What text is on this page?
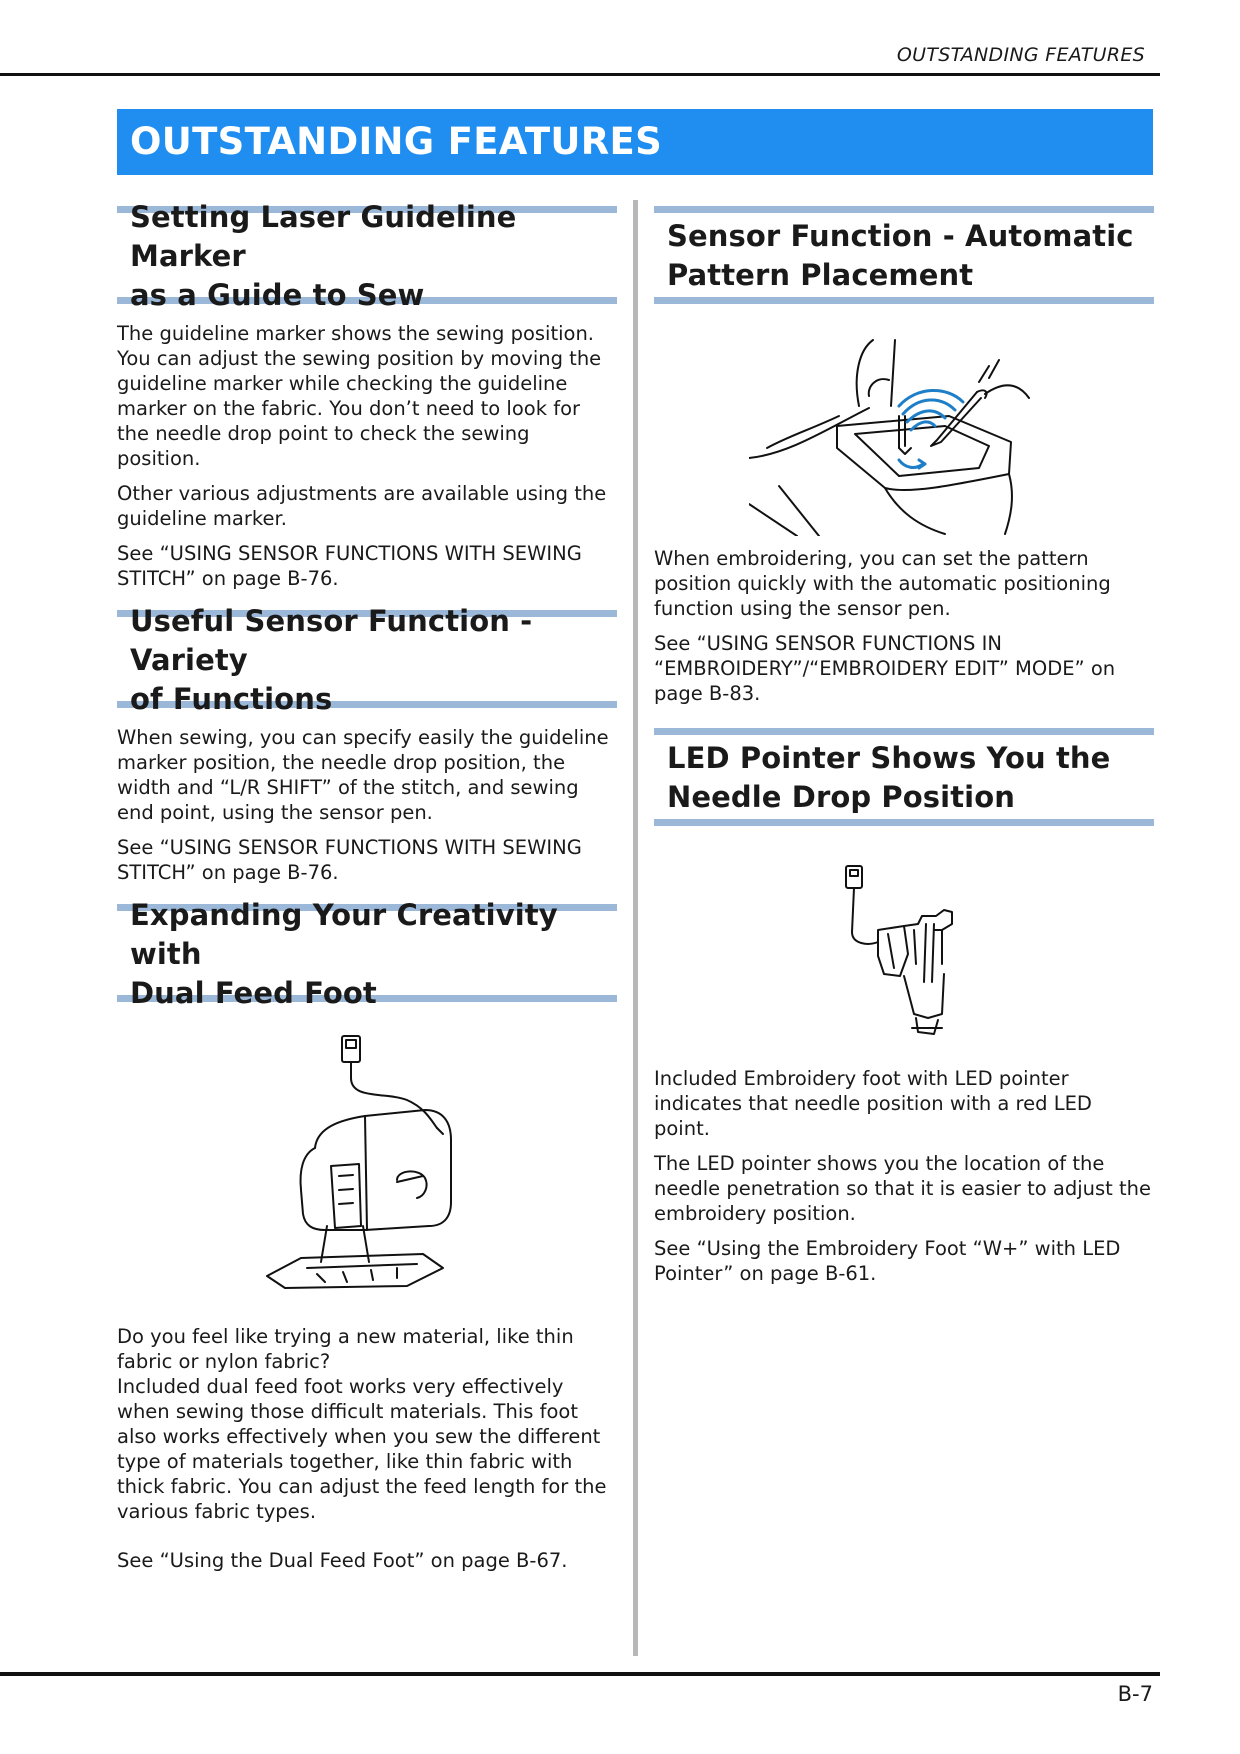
OUTSTANDING FEATURES
OUTSTANDING FEATURES
Setting Laser Guideline Marker
as a Guide to Sew

The guideline marker shows the sewing position. You can adjust the sewing position by moving the guideline marker while checking the guideline marker on the fabric. You don’t need to look for the needle drop point to check the sewing position.

Other various adjustments are available using the guideline marker.

See “USING SENSOR FUNCTIONS WITH SEWING STITCH” on page B-76.

Useful Sensor Function - Variety
of Functions

When sewing, you can specify easily the guideline marker position, the needle drop position, the width and “L/R SHIFT” of the stitch, and sewing end point, using the sensor pen.

See “USING SENSOR FUNCTIONS WITH SEWING STITCH” on page B-76.

Expanding Your Creativity with
Dual Feed Foot

Do you feel like trying a new material, like thin fabric or nylon fabric?

Included dual feed foot works very effectively when sewing those difficult materials. This foot also works effectively when you sew the different type of materials together, like thin fabric with thick fabric. You can adjust the feed length for the various fabric types.

See “Using the Dual Feed Foot” on page B-67.

Sensor Function - Automatic
Pattern Placement

When embroidering, you can set the pattern position quickly with the automatic positioning function using the sensor pen.

See “USING SENSOR FUNCTIONS IN “EMBROIDERY”/“EMBROIDERY EDIT” MODE” on page B-83.

LED Pointer Shows You the
Needle Drop Position

Included Embroidery foot with LED pointer indicates that needle position with a red LED point.

The LED pointer shows you the location of the needle penetration so that it is easier to adjust the embroidery position.

See “Using the Embroidery Foot “W+” with LED Pointer” on page B-61.

B-7
